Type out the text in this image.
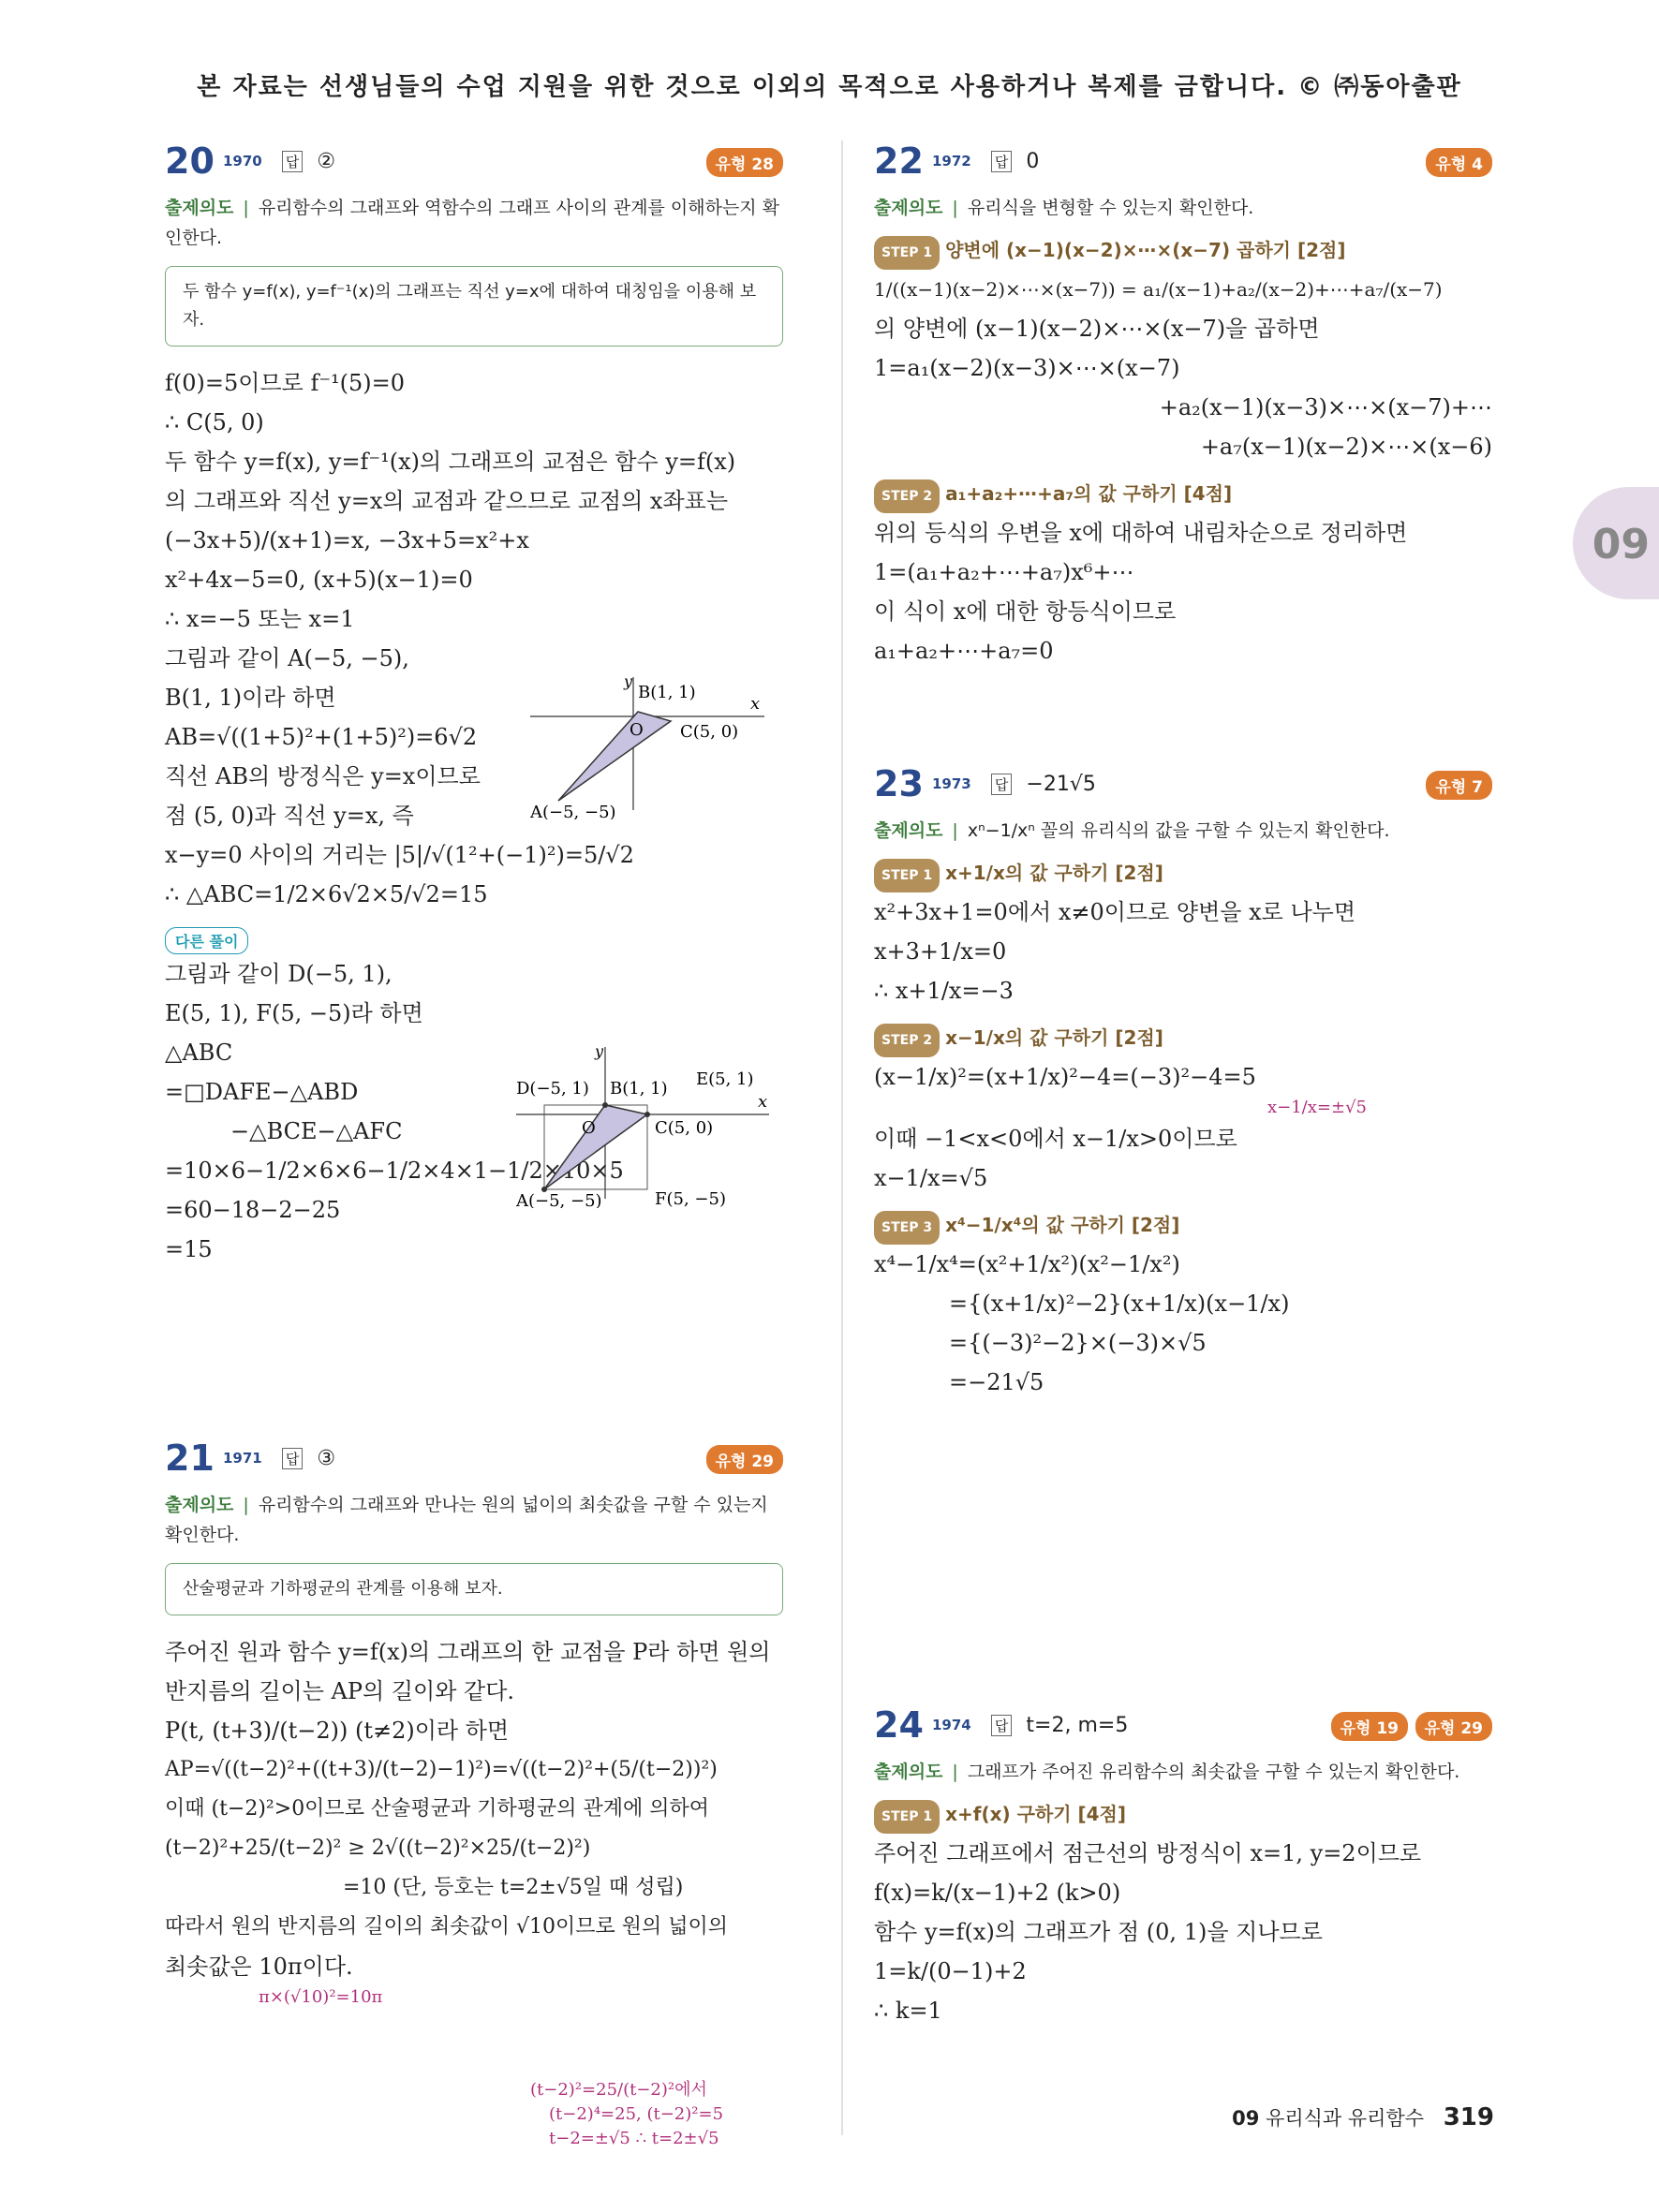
본 자료는 선생님들의 수업 지원을 위한 것으로 이외의 목적으로 사용하거나 복제를 금합니다. © ㈜동아출판
09
20 1970 답 ②	유형 28
출제의도 | 유리함수의 그래프와 역함수의 그래프 사이의 관계를 이해하는지 확인한다.
두 함수 y=f(x), y=f⁻¹(x)의 그래프는 직선 y=x에 대하여 대칭임을 이용해 보자.
f(0)=5이므로 f⁻¹(5)=0
∴ C(5, 0)
두 함수 y=f(x), y=f⁻¹(x)의 그래프의 교점은 함수 y=f(x)
의 그래프와 직선 y=x의 교점과 같으므로 교점의 x좌표는
(−3x+5)/(x+1)=x, −3x+5=x²+x
x²+4x−5=0, (x+5)(x−1)=0
∴ x=−5 또는 x=1
그림과 같이 A(−5, −5),
B(1, 1)이라 하면
AB=√((1+5)²+(1+5)²)=6√2
직선 AB의 방정식은 y=x이므로
점 (5, 0)과 직선 y=x, 즉
x−y=0 사이의 거리는 |5|/√(1²+(−1)²)=5/√2
∴ △ABC=1/2×6√2×5/√2=15
y
x
O
B(1, 1)
C(5, 0)
A(−5, −5)
다른 풀이
그림과 같이 D(−5, 1),
E(5, 1), F(5, −5)라 하면
△ABC
=□DAFE−△ABD
−△BCE−△AFC
=10×6−1/2×6×6−1/2×4×1−1/2×10×5
=60−18−2−25
=15
y
x
O
D(−5, 1) B(1, 1) E(5, 1)
C(5, 0)
A(−5, −5)	F(5, −5)
21 1971 답 ③	유형 29
출제의도 | 유리함수의 그래프와 만나는 원의 넓이의 최솟값을 구할 수 있는지 확인한다.
산술평균과 기하평균의 관계를 이용해 보자.
주어진 원과 함수 y=f(x)의 그래프의 한 교점을 P라 하면 원의
반지름의 길이는 AP의 길이와 같다.
P(t, (t+3)/(t−2)) (t≠2)이라 하면
AP=√((t−2)²+((t+3)/(t−2)−1)²)=√((t−2)²+(5/(t−2))²)
이때 (t−2)²>0이므로 산술평균과 기하평균의 관계에 의하여
(t−2)²+25/(t−2)² ≥ 2√((t−2)²×25/(t−2)²)
=10 (단, 등호는 t=2±√5일 때 성립)
따라서 원의 반지름의 길이의 최솟값이 √10이므로 원의 넓이의
최솟값은 10π이다.
π×(√10)²=10π
(t−2)²=25/(t−2)²에서
(t−2)⁴=25, (t−2)²=5
t−2=±√5 ∴ t=2±√5
22 1972 답 0	유형 4
출제의도 | 유리식을 변형할 수 있는지 확인한다.
STEP 1 양변에 (x−1)(x−2)×⋯×(x−7) 곱하기 [2점]
1/((x−1)(x−2)×⋯×(x−7)) = a₁/(x−1)+a₂/(x−2)+⋯+a₇/(x−7)
의 양변에 (x−1)(x−2)×⋯×(x−7)을 곱하면
1=a₁(x−2)(x−3)×⋯×(x−7)
+a₂(x−1)(x−3)×⋯×(x−7)+⋯
+a₇(x−1)(x−2)×⋯×(x−6)
STEP 2 a₁+a₂+⋯+a₇의 값 구하기 [4점]
위의 등식의 우변을 x에 대하여 내림차순으로 정리하면
1=(a₁+a₂+⋯+a₇)x⁶+⋯
이 식이 x에 대한 항등식이므로
a₁+a₂+⋯+a₇=0
23 1973 답 −21√5	유형 7
출제의도 | xⁿ−1/xⁿ 꼴의 유리식의 값을 구할 수 있는지 확인한다.
STEP 1 x+1/x의 값 구하기 [2점]
x²+3x+1=0에서 x≠0이므로 양변을 x로 나누면
x+3+1/x=0
∴ x+1/x=−3
STEP 2 x−1/x의 값 구하기 [2점]
(x−1/x)²=(x+1/x)²−4=(−3)²−4=5
x−1/x=±√5
이때 −1<x<0에서 x−1/x>0이므로
x−1/x=√5
STEP 3 x⁴−1/x⁴의 값 구하기 [2점]
x⁴−1/x⁴=(x²+1/x²)(x²−1/x²)
={(x+1/x)²−2}(x+1/x)(x−1/x)
={(−3)²−2}×(−3)×√5
=−21√5
24 1974 답 t=2, m=5	유형 19	유형 29
출제의도 | 그래프가 주어진 유리함수의 최솟값을 구할 수 있는지 확인한다.
STEP 1 x+f(x) 구하기 [4점]
주어진 그래프에서 점근선의 방정식이 x=1, y=2이므로
f(x)=k/(x−1)+2 (k>0)
함수 y=f(x)의 그래프가 점 (0, 1)을 지나므로
1=k/(0−1)+2
∴ k=1
09 유리식과 유리함수 319
